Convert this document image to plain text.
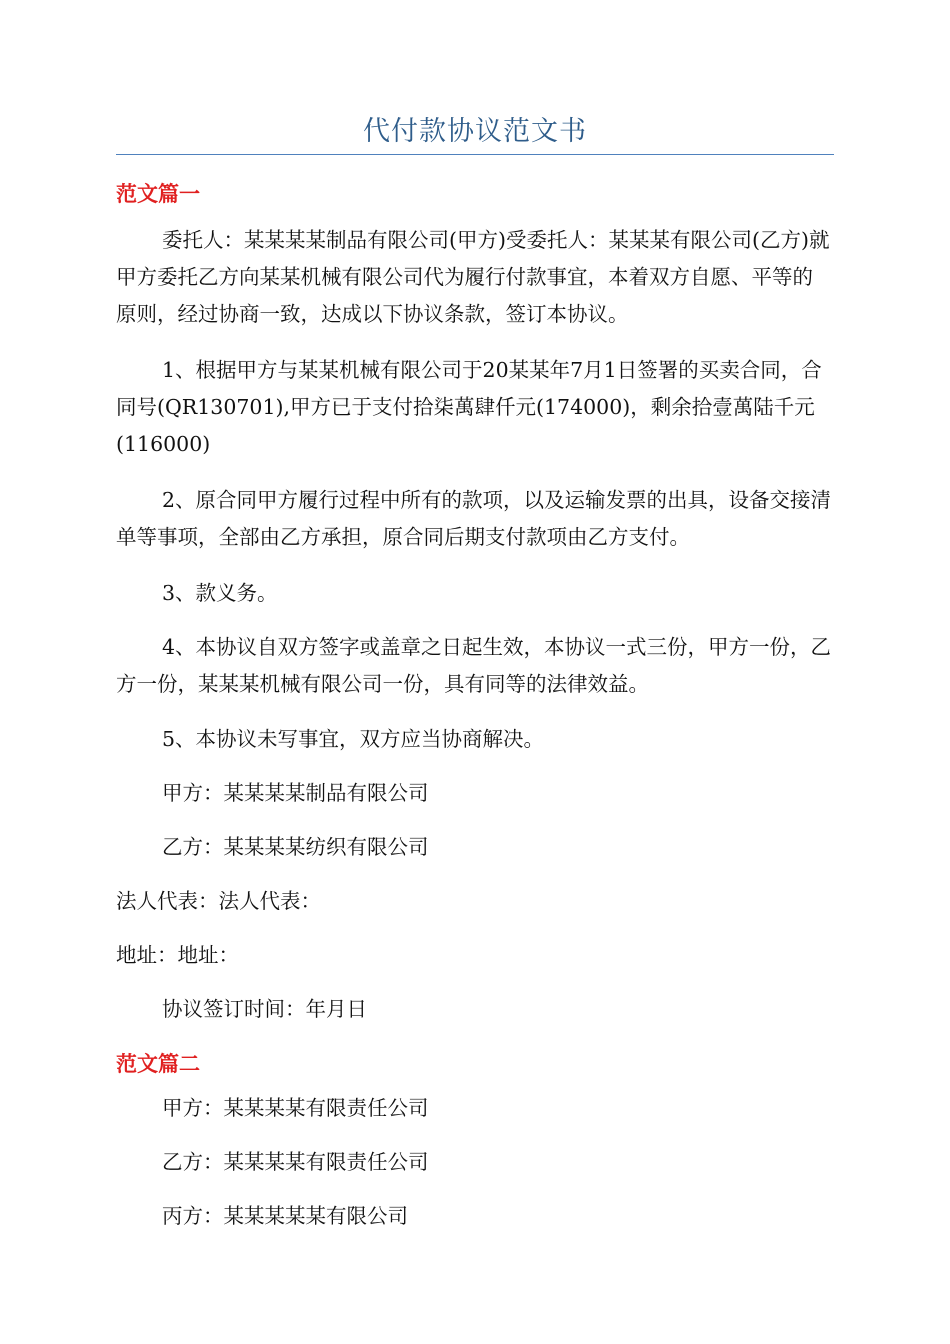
代付款协议范文书
范文篇一

委托人：某某某某制品有限公司(甲方)受委托人：某某某有限公司(乙方)就甲方委托乙方向某某机械有限公司代为履行付款事宜，本着双方自愿、平等的原则，经过协商一致，达成以下协议条款，签订本协议。

1、根据甲方与某某机械有限公司于20某某年7月1日签署的买卖合同，合同号(QR130701),甲方已于支付拾柒萬肆仟元(174000)，剩余拾壹萬陆千元(116000)

2、原合同甲方履行过程中所有的款项，以及运输发票的出具，设备交接清单等事项，全部由乙方承担，原合同后期支付款项由乙方支付。

3、款义务。

4、本协议自双方签字或盖章之日起生效，本协议一式三份，甲方一份，乙方一份，某某某机械有限公司一份，具有同等的法律效益。

5、本协议未写事宜，双方应当协商解决。

甲方：某某某某制品有限公司

乙方：某某某某纺织有限公司

法人代表：法人代表：

地址：地址：

协议签订时间：年月日

范文篇二

甲方：某某某某有限责任公司

乙方：某某某某有限责任公司

丙方：某某某某某有限公司
